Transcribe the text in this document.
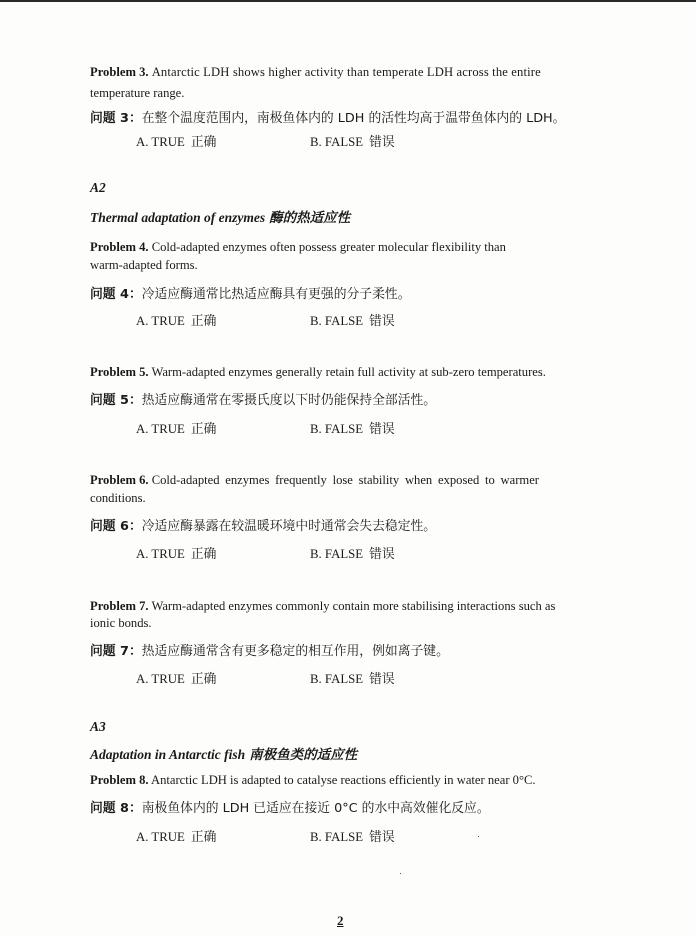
Problem 3. Antarctic LDH shows higher activity than temperate LDH across the entire
temperature range.
问题 3：在整个温度范围内，南极鱼体内的 LDH 的活性均高于温带鱼体内的 LDH。
A. TRUE 正确	B. FALSE 错误
A2
Thermal adaptation of enzymes 酶的热适应性
Problem 4. Cold-adapted enzymes often possess greater molecular flexibility than
warm-adapted forms.
问题 4：冷适应酶通常比热适应酶具有更强的分子柔性。
A. TRUE 正确	B. FALSE 错误
Problem 5. Warm-adapted enzymes generally retain full activity at sub-zero temperatures.
问题 5：热适应酶通常在零摄氏度以下时仍能保持全部活性。
A. TRUE 正确	B. FALSE 错误
Problem 6. Cold-adapted enzymes frequently lose stability when exposed to warmer
conditions.
问题 6：冷适应酶暴露在较温暖环境中时通常会失去稳定性。
A. TRUE 正确	B. FALSE 错误
Problem 7. Warm-adapted enzymes commonly contain more stabilising interactions such as
ionic bonds.
问题 7：热适应酶通常含有更多稳定的相互作用，例如离子键。
A. TRUE 正确	B. FALSE 错误
A3
Adaptation in Antarctic fish 南极鱼类的适应性
Problem 8. Antarctic LDH is adapted to catalyse reactions efficiently in water near 0°C.
问题 8：南极鱼体内的 LDH 已适应在接近 0°C 的水中高效催化反应。
A. TRUE 正确	B. FALSE 错误
2
